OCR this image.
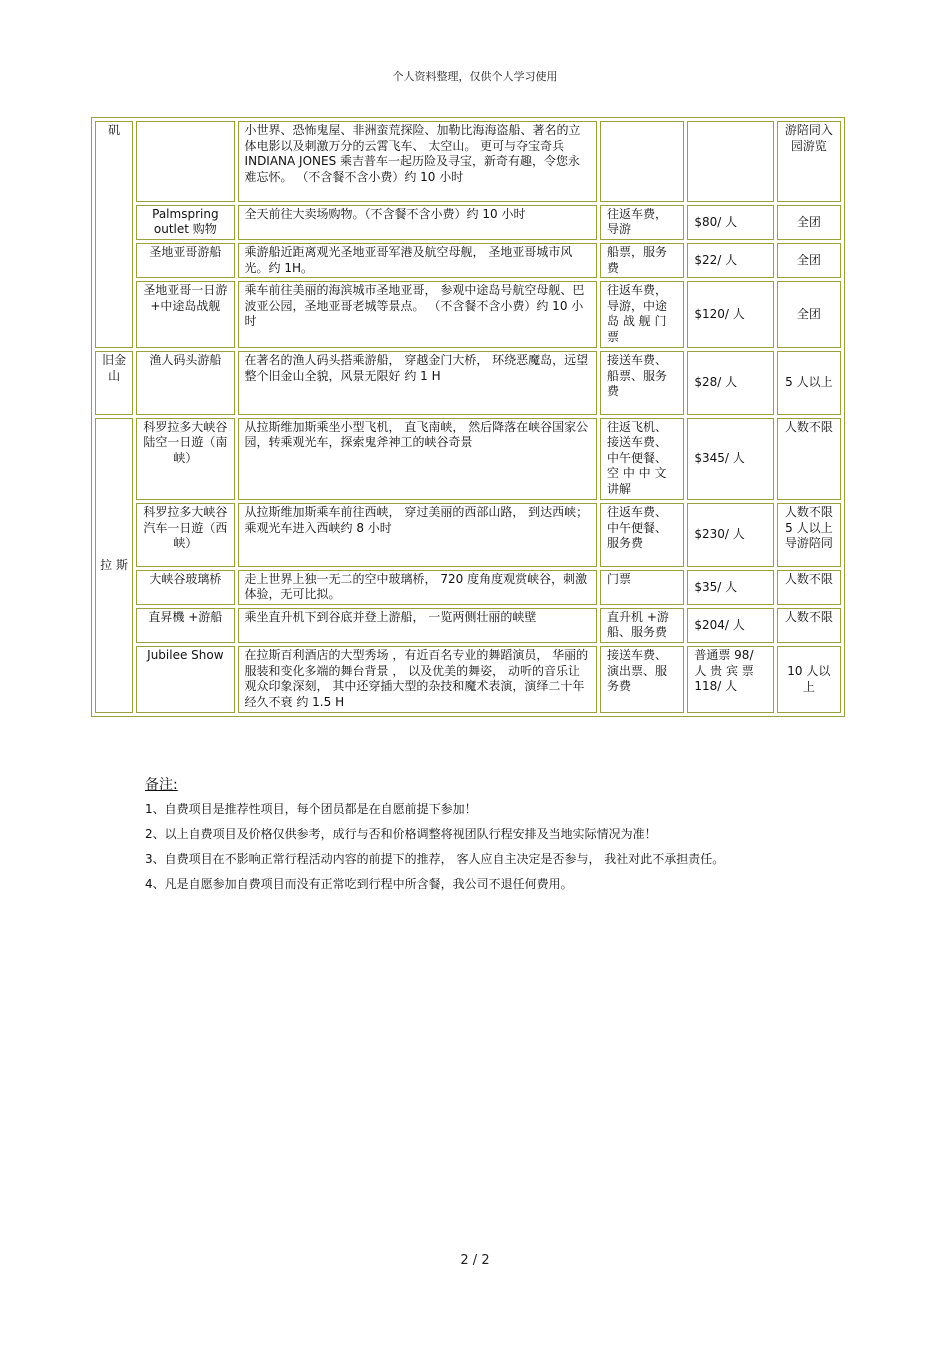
个人资料整理，仅供个人学习使用
矶		小世界、恐怖鬼屋、非洲蛮荒探险、加勒比海海盗船、著名的立体电影以及刺激万分的云霄飞车、 太空山。 更可与夺宝奇兵 INDIANA JONES 乘吉普车一起历险及寻宝，新奇有趣，令您永难忘怀。 （不含餐不含小费）约 10 小时			游陪同入园游览
	Palmspring outlet 购物	全天前往大卖场购物。（不含餐不含小费）约 10 小时	往返车费，导游	$80/ 人	全团
	圣地亚哥游船	乘游船近距离观光圣地亚哥军港及航空母舰， 圣地亚哥城市风光。约 1H。	船票，服务费	$22/ 人	全团
	圣地亚哥一日游 +中途岛战舰	乘车前往美丽的海滨城市圣地亚哥， 参观中途岛号航空母舰、巴波亚公园，圣地亚哥老城等景点。 （不含餐不含小费）约 10 小时	往返车费，导游，中途岛 战 舰 门票	$120/ 人	全团
旧金山	渔人码头游船	在著名的渔人码头搭乘游船， 穿越金门大桥， 环绕恶魔岛，远望整个旧金山全貌，风景无限好 约 1 H	接送车费、船票、服务费	$28/ 人	5 人以上
拉 斯	科罗拉多大峡谷陆空一日遊（南峡）	从拉斯维加斯乘坐小型飞机， 直飞南峡， 然后降落在峡谷国家公园，转乘观光车，探索鬼斧神工的峡谷奇景	往返飞机、接送车费、中午便餐、空 中 中 文讲解	$345/ 人	人数不限
	科罗拉多大峡谷汽车一日遊（西峡）	从拉斯维加斯乘车前往西峡， 穿过美丽的西部山路， 到达西峡；乘观光车进入西峡约 8 小时	往返车费、中午便餐、服务费	$230/ 人	人数不限 5 人以上导游陪同
	大峡谷玻璃桥	走上世界上独一无二的空中玻璃桥， 720 度角度观赏峡谷，刺激体验，无可比拟。	门票	$35/ 人	人数不限
	直昇機 +游船	乘坐直升机下到谷底并登上游船， 一览两侧壮丽的峡壁	直升机 +游船、服务费	$204/ 人	人数不限
	Jubilee Show	在拉斯百利酒店的大型秀场 ，有近百名专业的舞蹈演员， 华丽的服装和变化多端的舞台背景 ， 以及优美的舞姿， 动听的音乐让观众印象深刻， 其中还穿插大型的杂技和魔术表演，演绎二十年经久不衰 约 1.5 H	接送车费、演出票、服务费	普通票 98/ 人 贵 宾 票 118/ 人	10 人以上
备注:
1、自费项目是推荐性项目，每个团员都是在自愿前提下参加！
2、以上自费项目及价格仅供参考，成行与否和价格调整将视团队行程安排及当地实际情况为准！
3、自费项目在不影响正常行程活动内容的前提下的推荐， 客人应自主决定是否参与， 我社对此不承担责任。
4、凡是自愿参加自费项目而没有正常吃到行程中所含餐，我公司不退任何费用。
2 / 2
